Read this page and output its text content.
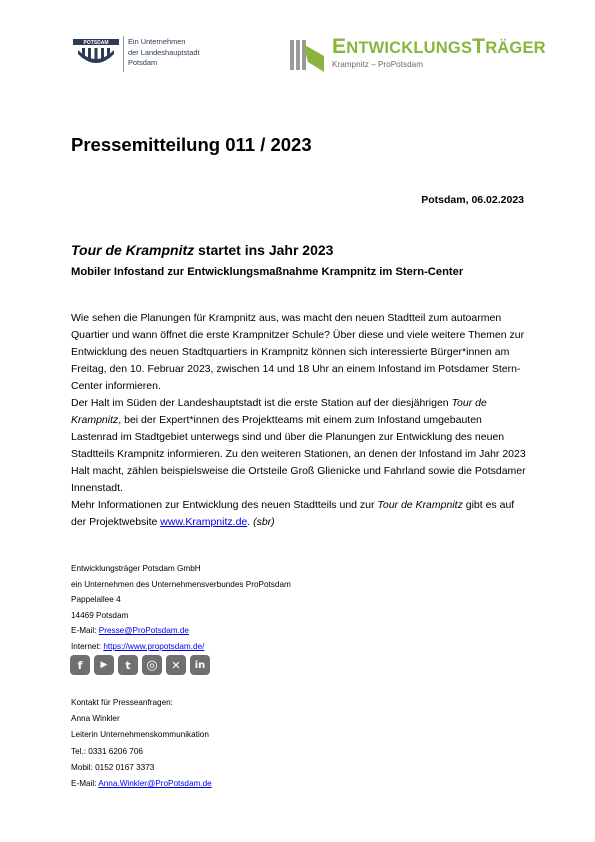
POTSDAM	Ein Unternehmen
der Landeshauptstadt
Potsdam
ENTWICKLUNGSTRÄGER
Krampnitz – ProPotsdam
Pressemitteilung 011 / 2023
Potsdam, 06.02.2023
Tour de Krampnitz startet ins Jahr 2023
Mobiler Infostand zur Entwicklungsmaßnahme Krampnitz im Stern-Center

Wie sehen die Planungen für Krampnitz aus, was macht den neuen Stadtteil zum autoarmen Quartier und wann öffnet die erste Krampnitzer Schule? Über diese und viele weitere Themen zur Entwicklung des neuen Stadtquartiers in Krampnitz können sich interessierte Bürger*innen am Freitag, den 10. Februar 2023, zwischen 14 und 18 Uhr an einem Infostand im Potsdamer Stern-Center informieren.

Der Halt im Süden der Landeshauptstadt ist die erste Station auf der diesjährigen Tour de Krampnitz, bei der Expert*innen des Projektteams mit einem zum Infostand umgebauten Lastenrad im Stadtgebiet unterwegs sind und über die Planungen zur Entwicklung des neuen Stadtteils Krampnitz informieren. Zu den weiteren Stationen, an denen der Infostand im Jahr 2023 Halt macht, zählen beispielsweise die Ortsteile Groß Glienicke und Fahrland sowie die Potsdamer Innenstadt.

Mehr Informationen zur Entwicklung des neuen Stadtteils und zur Tour de Krampnitz gibt es auf der Projektwebsite www.Krampnitz.de. (sbr)

Entwicklungsträger Potsdam GmbH
ein Unternehmen des Unternehmensverbundes ProPotsdam
Pappelallee 4
14469 Potsdam
E-Mail: Presse@ProPotsdam.de
Internet: https://www.propotsdam.de/
f	▶	t	◎	✕	in
Kontakt für Presseanfragen:
Anna Winkler
Leiterin Unternehmenskommunikation
Tel.: 0331 6206 706
Mobil: 0152 0167 3373
E-Mail: Anna.Winkler@ProPotsdam.de
